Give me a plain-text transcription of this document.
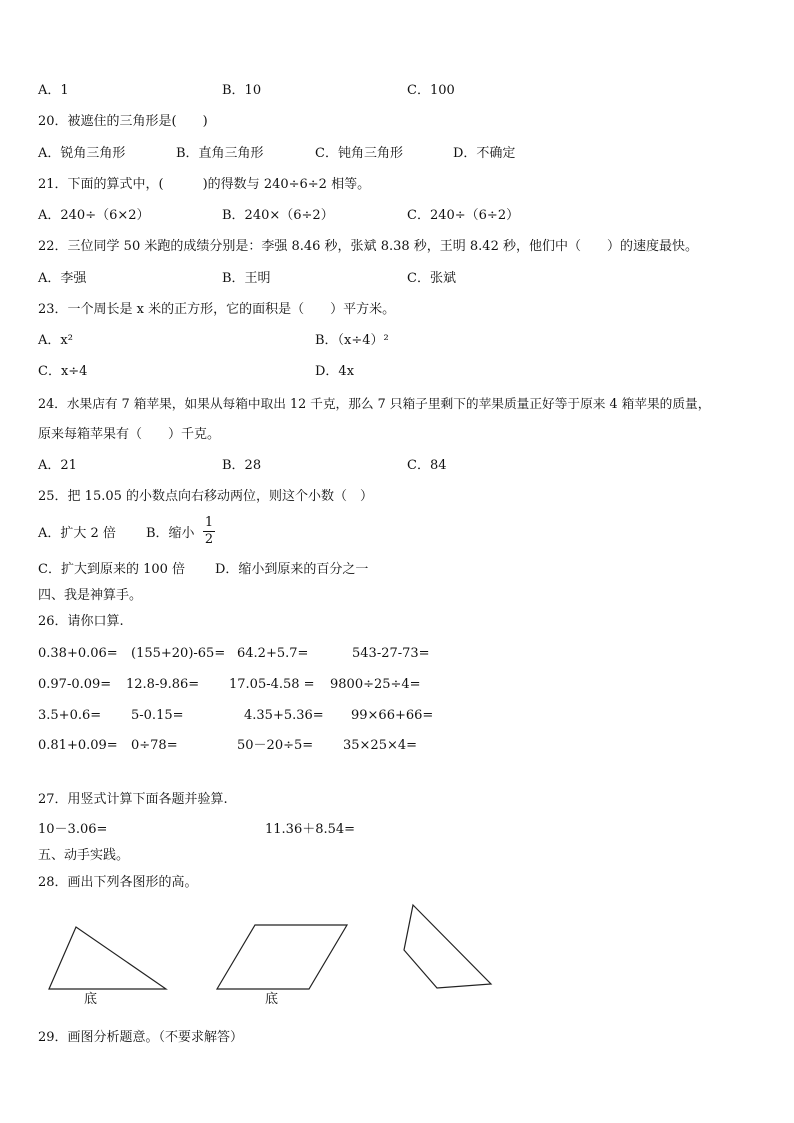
A．1	B．10	C．100
20．被遮住的三角形是(　　)
A．锐角三角形	B．直角三角形	C．钝角三角形	D．不确定
21．下面的算式中，(　　　)的得数与 240÷6÷2 相等。
A．240÷（6×2）	B．240×（6÷2）	C．240÷（6÷2）
22．三位同学 50 米跑的成绩分别是：李强 8.46 秒，张斌 8.38 秒，王明 8.42 秒，他们中（　　）的速度最快。
A．李强	B．王明	C．张斌
23．一个周长是 x 米的正方形，它的面积是（　　）平方米。
A．x²	B．（x÷4）²
C．x÷4	D．4x
24．水果店有 7 箱苹果，如果从每箱中取出 12 千克，那么 7 只箱子里剩下的苹果质量正好等于原来 4 箱苹果的质量，
原来每箱苹果有（　　）千克。
A．21	B．28	C．84
25．把 15.05 的小数点向右移动两位，则这个小数（　）
A．扩大 2 倍 B．缩小
1
2
C．扩大到原来的 100 倍 D．缩小到原来的百分之一
四、我是神算手。
26．请你口算.
0.38+0.06= (155+20)-65= 64.2+5.7=	543-27-73=
0.97-0.09= 12.8-9.86= 17.05-4.58 = 9800÷25÷4=
3.5+0.6= 5-0.15=	4.35+5.36= 99×66+66=
0.81+0.09= 0÷78=	50－20÷5= 35×25×4=
27．用竖式计算下面各题并验算.
10－3.06=	11.36＋8.54=
五、动手实践。
28．画出下列各图形的高。
底	底
29．画图分析题意。（不要求解答）
